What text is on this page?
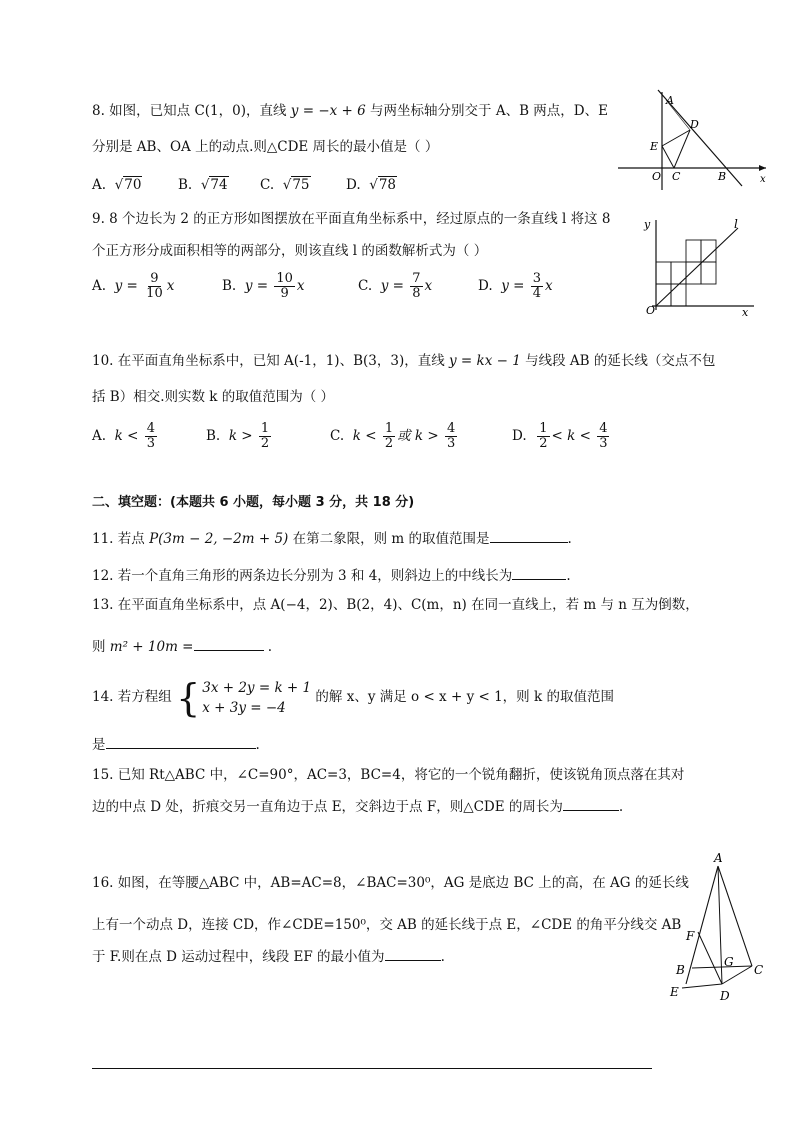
8. 如图，已知点 C(1，0)，直线 y = −x + 6 与两坐标轴分别交于 A、B 两点，D、E
分别是 AB、OA 上的动点.则△CDE 周长的最小值是（ ）
A. √70	B. √74 C. √75	D. √78
A
D
E
O C	B	x
9. 8 个边长为 2 的正方形如图摆放在平面直角坐标系中，经过原点的一条直线 l 将这 8
个正方形分成面积相等的两部分，则该直线 l 的函数解析式为（ ）
A. $y = \frac{9}{10}$ x	B. $y = \frac{10}{9}$ x	C. $y = \frac{7}{8}$ x	D. $y = \frac{3}{4}$ x
y	l
O	x
10. 在平面直角坐标系中，已知 A(-1，1)、B(3，3)，直线 y = kx − 1 与线段 AB 的延长线（交点不包
括 B）相交.则实数 k 的取值范围为（ ）
A. $k < \frac{4}{3}$	B. $k > \frac{1}{2}$	C. $k < \frac{1}{2}$ 或 $k > \frac{4}{3}$	D. $\frac{1}{2} < k < \frac{4}{3}$
二、填空题：(本题共 6 小题，每小题 3 分，共 18 分)
11. 若点 P(3m − 2, −2m + 5) 在第二象限，则 m 的取值范围是	.
12. 若一个直角三角形的两条边长分别为 3 和 4，则斜边上的中线长为	.
13. 在平面直角坐标系中，点 A(−4，2)、B(2，4)、C(m，n) 在同一直线上，若 m 与 n 互为倒数，
则 m² + 10m =	.
14. 若方程组 { 3x + 2y = k + 1
x + 3y = −4
的解 x、y 满足 o < x + y < 1，则 k 的取值范围
是	.
15. 已知 Rt△ABC 中，∠C=90°，AC=3，BC=4，将它的一个锐角翻折，使该锐角顶点落在其对
边的中点 D 处，折痕交另一直角边于点 E，交斜边于点 F，则△CDE 的周长为	.
16. 如图，在等腰△ABC 中，AB=AC=8，∠BAC=30⁰，AG 是底边 BC 上的高，在 AG 的延长线
上有一个动点 D，连接 CD，作∠CDE=150⁰，交 AB 的延长线于点 E，∠CDE 的角平分线交 AB
于 F.则在点 D 运动过程中，线段 EF 的最小值为	.
A
F
B
G
C
E	D
